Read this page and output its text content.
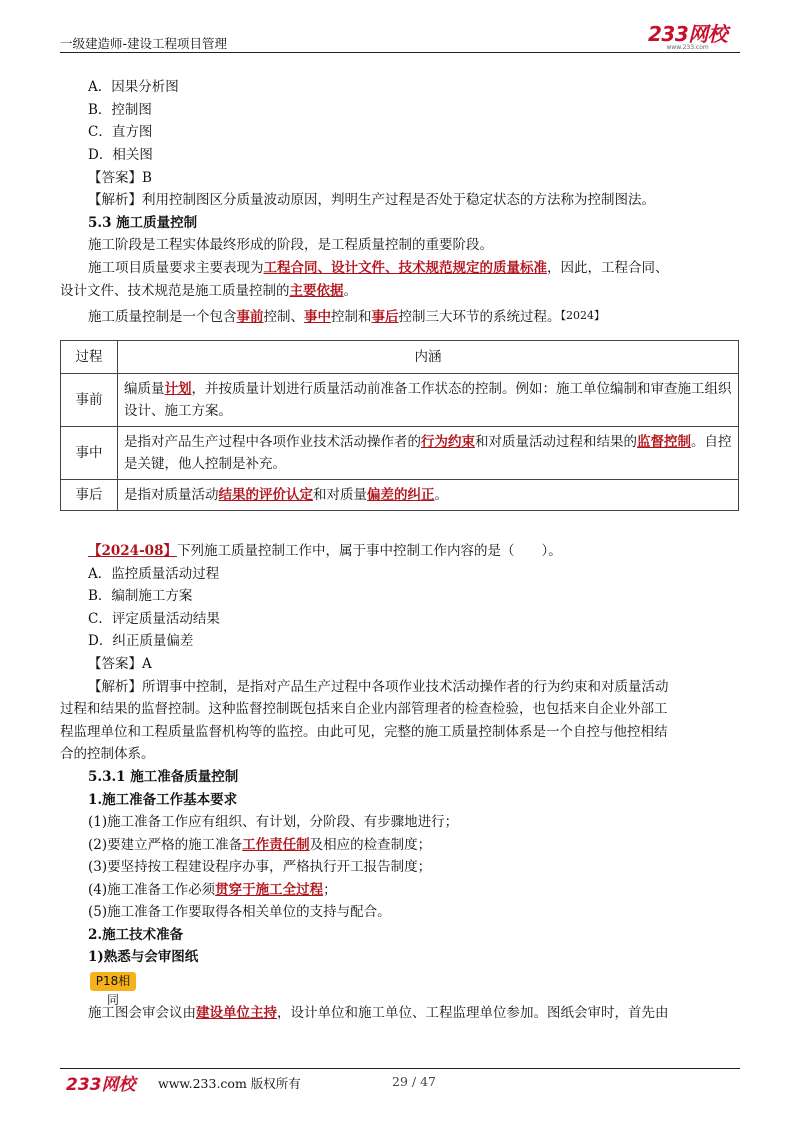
一级建造师-建设工程项目管理	233网校
www.233.com
A．因果分析图
B．控制图
C．直方图
D．相关图
【答案】B
【解析】利用控制图区分质量波动原因，判明生产过程是否处于稳定状态的方法称为控制图法。
5.3 施工质量控制
施工阶段是工程实体最终形成的阶段，是工程质量控制的重要阶段。
施工项目质量要求主要表现为工程合同、设计文件、技术规范规定的质量标准，因此，工程合同、
设计文件、技术规范是施工质量控制的主要依据。
施工质量控制是一个包含事前控制、事中控制和事后控制三大环节的系统过程。【2024】
过程	内涵
事前	编质量计划，并按质量计划进行质量活动前准备工作状态的控制。例如：施工单位编制和审查施工组织设计、施工方案。
事中	是指对产品生产过程中各项作业技术活动操作者的行为约束和对质量活动过程和结果的监督控制。自控是关键，他人控制是补充。
事后	是指对质量活动结果的评价认定和对质量偏差的纠正。
【2024-08】下列施工质量控制工作中，属于事中控制工作内容的是（　　）。
A．监控质量活动过程
B．编制施工方案
C．评定质量活动结果
D．纠正质量偏差
【答案】A
【解析】所谓事中控制，是指对产品生产过程中各项作业技术活动操作者的行为约束和对质量活动
过程和结果的监督控制。这种监督控制既包括来自企业内部管理者的检查检验，也包括来自企业外部工
程监理单位和工程质量监督机构等的监控。由此可见，完整的施工质量控制体系是一个自控与他控相结
合的控制体系。
5.3.1 施工准备质量控制
1.施工准备工作基本要求
(1)施工准备工作应有组织、有计划，分阶段、有步骤地进行；
(2)要建立严格的施工准备工作责任制及相应的检查制度；
(3)要坚持按工程建设程序办事，严格执行开工报告制度；
(4)施工准备工作必须贯穿于施工全过程；
(5)施工准备工作要取得各相关单位的支持与配合。
2.施工技术准备
1)熟悉与会审图纸
P18相同
施工图会审会议由建设单位主持，设计单位和施工单位、工程监理单位参加。图纸会审时，首先由
233网校 www.233.com 版权所有	29 / 47
